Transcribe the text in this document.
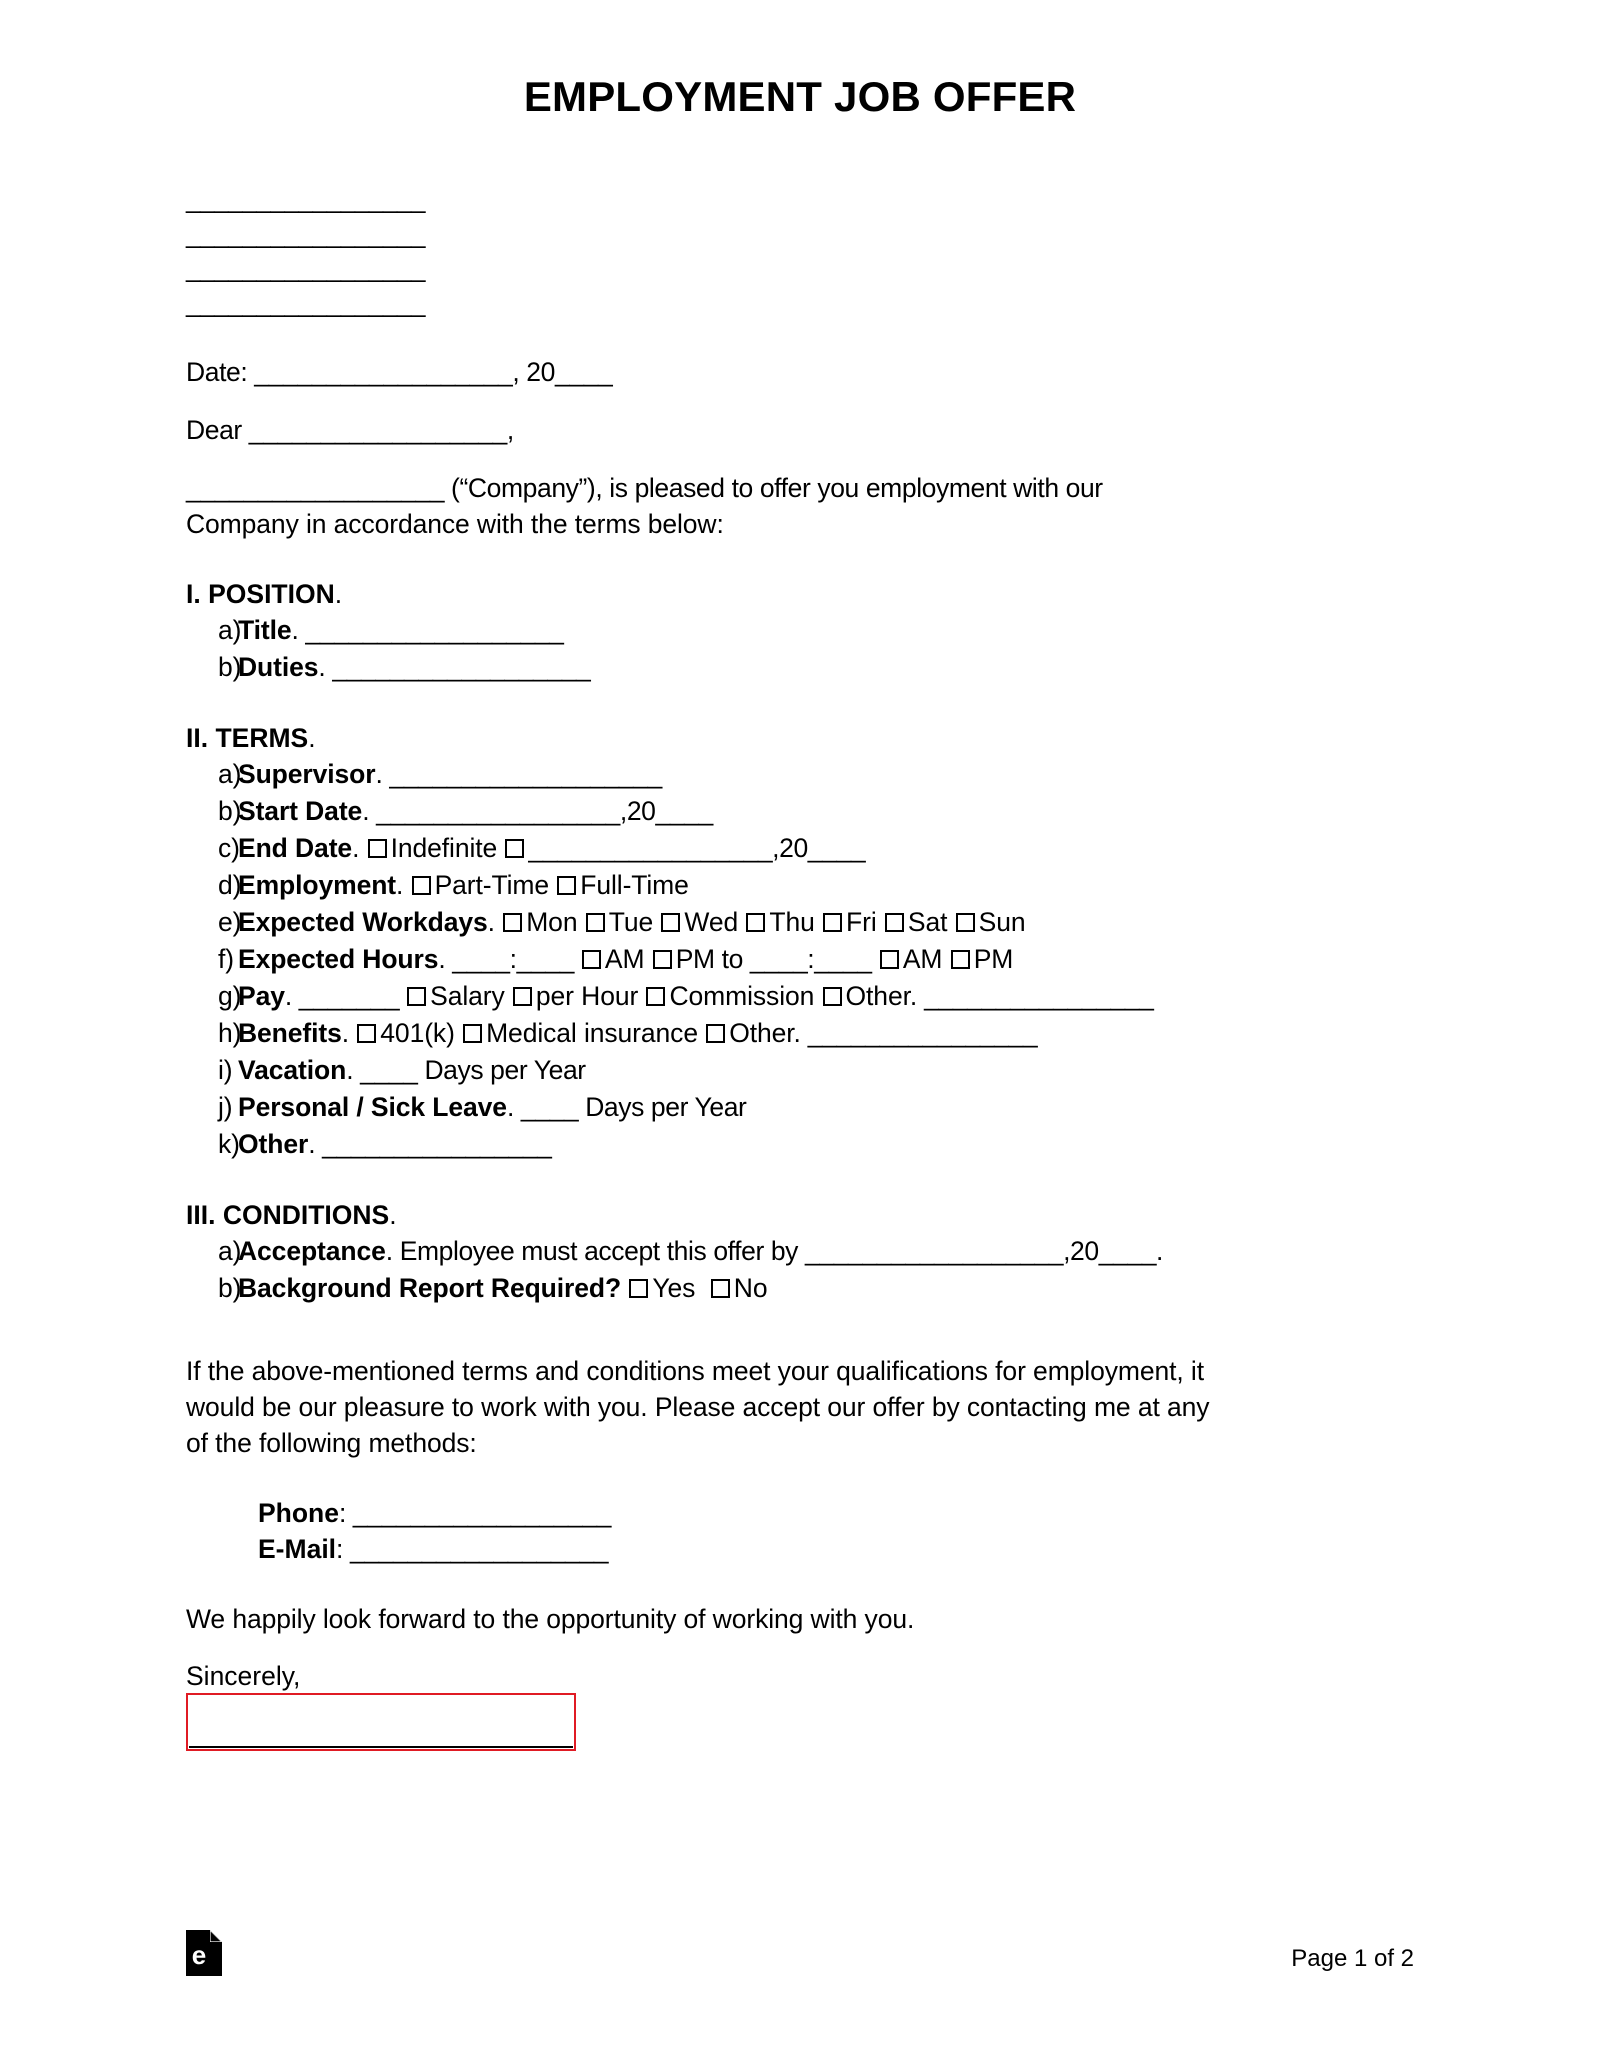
EMPLOYMENT JOB OFFER
_________________
_________________
_________________
_________________
Date: __________________, 20____
Dear __________________,
__________________ (“Company”), is pleased to offer you employment with our
Company in accordance with the terms below:
I. POSITION.
a)
Title. __________________
b)
Duties. __________________
II. TERMS.
a)
Supervisor. ___________________
b)
Start Date. _________________,20____
c)
End Date. Indefinite _________________,20____
d)
Employment. Part-Time Full-Time
e)
Expected Workdays. Mon Tue Wed Thu Fri Sat Sun
f) Expected Hours. ____:____ AM PM to ____:____ AM PM
g)
Pay. _______ Salary per Hour Commission Other. ________________
h)
Benefits. 401(k) Medical insurance Other. ________________
i) Vacation. ____ Days per Year
j) Personal / Sick Leave. ____ Days per Year
k)
Other. ________________
III. CONDITIONS.
a)
Acceptance. Employee must accept this offer by __________________,20____.
b)
Background Report Required? Yes No
If the above-mentioned terms and conditions meet your qualifications for employment, it
would be our pleasure to work with you. Please accept our offer by contacting me at any
of the following methods:
Phone: __________________
E-Mail: __________________
We happily look forward to the opportunity of working with you.
Sincerely,
e	Page 1 of 2
